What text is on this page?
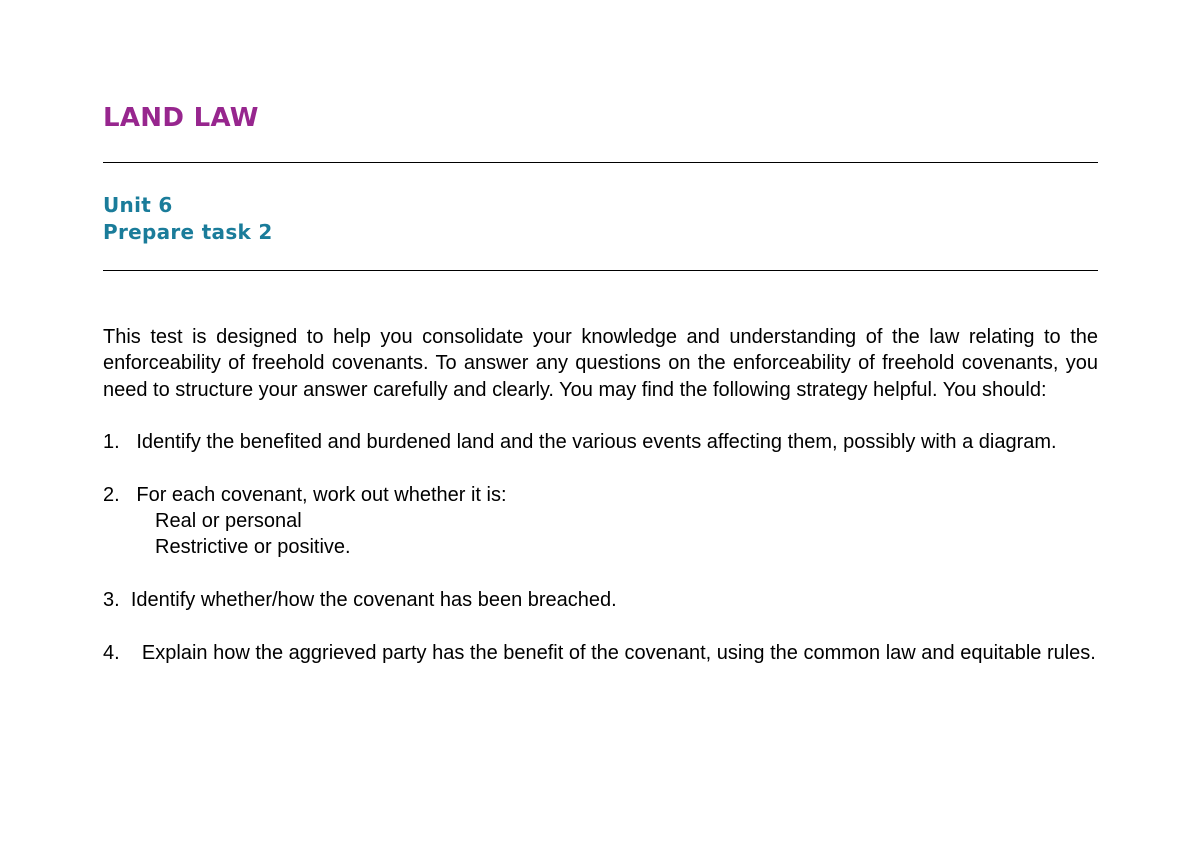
LAND LAW
Unit 6
Prepare task 2

This test is designed to help you consolidate your knowledge and understanding of the law relating to the enforceability of freehold covenants. To answer any questions on the enforceability of freehold covenants, you need to structure your answer carefully and clearly. You may find the following strategy helpful. You should:

1. Identify the benefited and burdened land and the various events affecting them, possibly with a diagram.

2. For each covenant, work out whether it is:

Real or personal

Restrictive or positive.

3. Identify whether/how the covenant has been breached.

4. Explain how the aggrieved party has the benefit of the covenant, using the common law and equitable rules.
